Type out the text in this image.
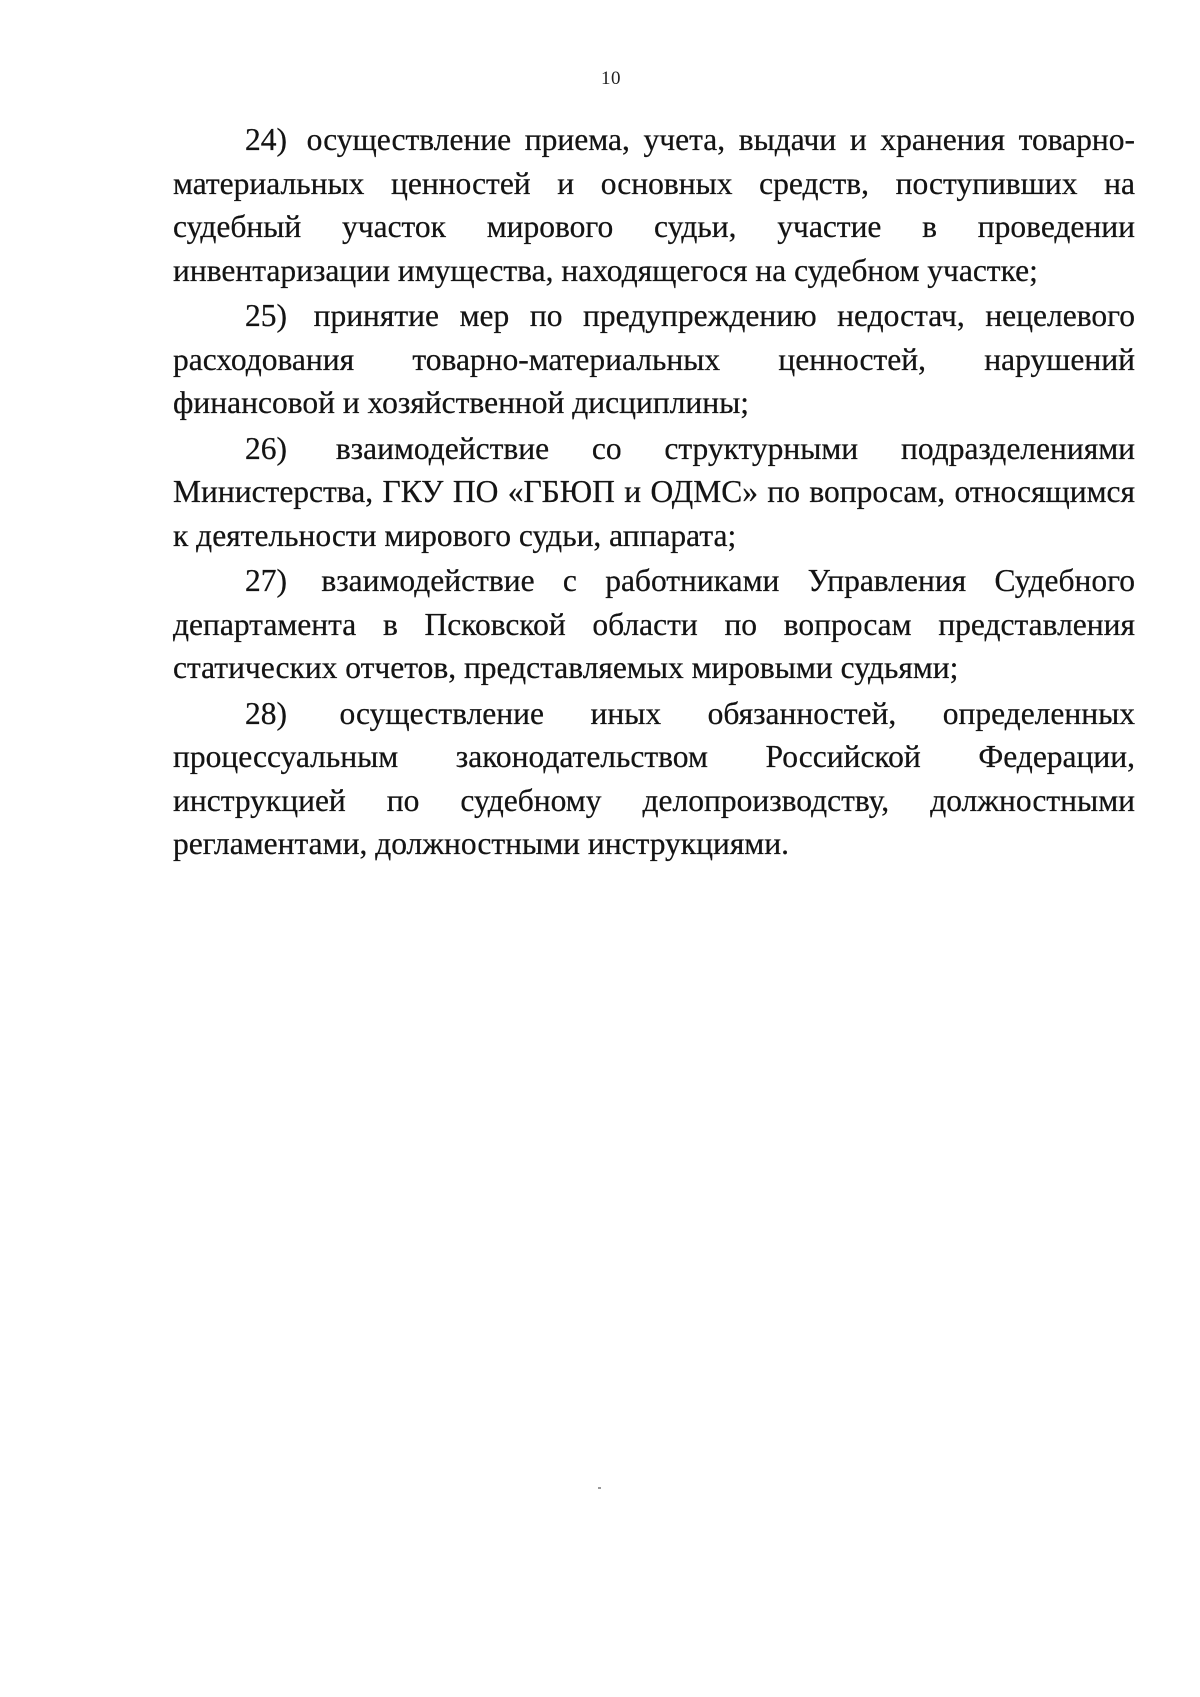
10

24) осуществление приема, учета, выдачи и хранения товарно-материальных ценностей и основных средств, поступивших на судебный участок мирового судьи, участие в проведении инвентаризации имущества, находящегося на судебном участке;

25) принятие мер по предупреждению недостач, нецелевого расходования товарно-материальных ценностей, нарушений финансовой и хозяйственной дисциплины;

26) взаимодействие со структурными подразделениями Министерства, ГКУ ПО «ГБЮП и ОДМС» по вопросам, относящимся к деятельности мирового судьи, аппарата;

27) взаимодействие с работниками Управления Судебного департамента в Псковской области по вопросам представления статических отчетов, представляемых мировыми судьями;

28) осуществление иных обязанностей, определенных процессуальным законодательством Российской Федерации, инструкцией по судебному делопроизводству, должностными регламентами, должностными инструкциями.
